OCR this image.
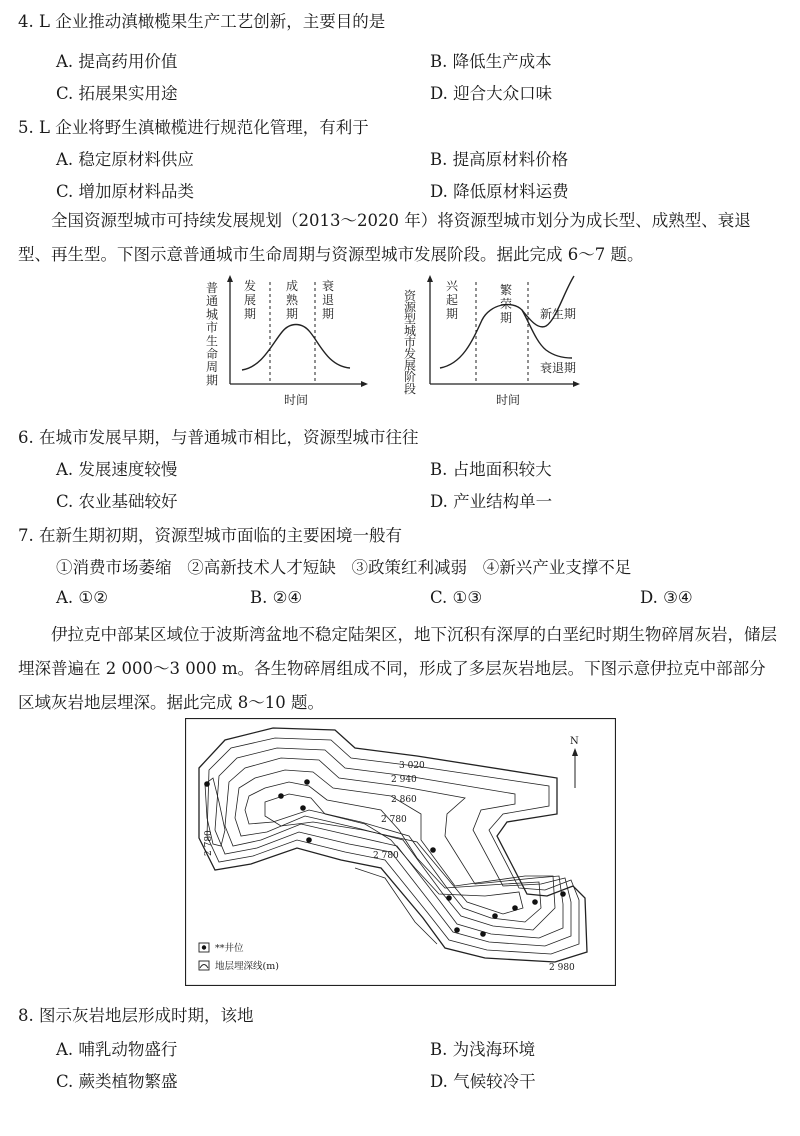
4. L 企业推动滇橄榄果生产工艺创新，主要目的是
A. 提高药用价值	B. 降低生产成本
C. 拓展果实用途	D. 迎合大众口味
5. L 企业将野生滇橄榄进行规范化管理，有利于
A. 稳定原材料供应	B. 提高原材料价格
C. 增加原材料品类	D. 降低原材料运费
全国资源型城市可持续发展规划（2013～2020 年）将资源型城市划分为成长型、成熟型、衰退型、再生型。下图示意普通城市生命周期与资源型城市发展阶段。据此完成 6～7 题。
普
通
城
市
生
命
周
期
发
展
期
成
熟
期
衰
退
期
时间
资
源
型
城
市
发
展
阶
段
兴
起
期
繁
荣
期 新生期
衰退期
时间
6. 在城市发展早期，与普通城市相比，资源型城市往往
A. 发展速度较慢	B. 占地面积较大
C. 农业基础较好	D. 产业结构单一
7. 在新生期初期，资源型城市面临的主要困境一般有
①消费市场萎缩   ②高新技术人才短缺   ③政策红利减弱   ④新兴产业支撑不足
A. ①②	B. ②④	C. ①③	D. ③④
伊拉克中部某区域位于波斯湾盆地不稳定陆架区，地下沉积有深厚的白垩纪时期生物碎屑灰岩，储层埋深普遍在 2 000～3 000 m。各生物碎屑组成不同，形成了多层灰岩地层。下图示意伊拉克中部部分区域灰岩地层埋深。据此完成 8～10 题。
3 020
2 940
2 860
2 780
2 780
2 780
2 980
N
**井位
地层埋深线(m)
8. 图示灰岩地层形成时期，该地
A. 哺乳动物盛行	B. 为浅海环境
C. 蕨类植物繁盛	D. 气候较冷干
